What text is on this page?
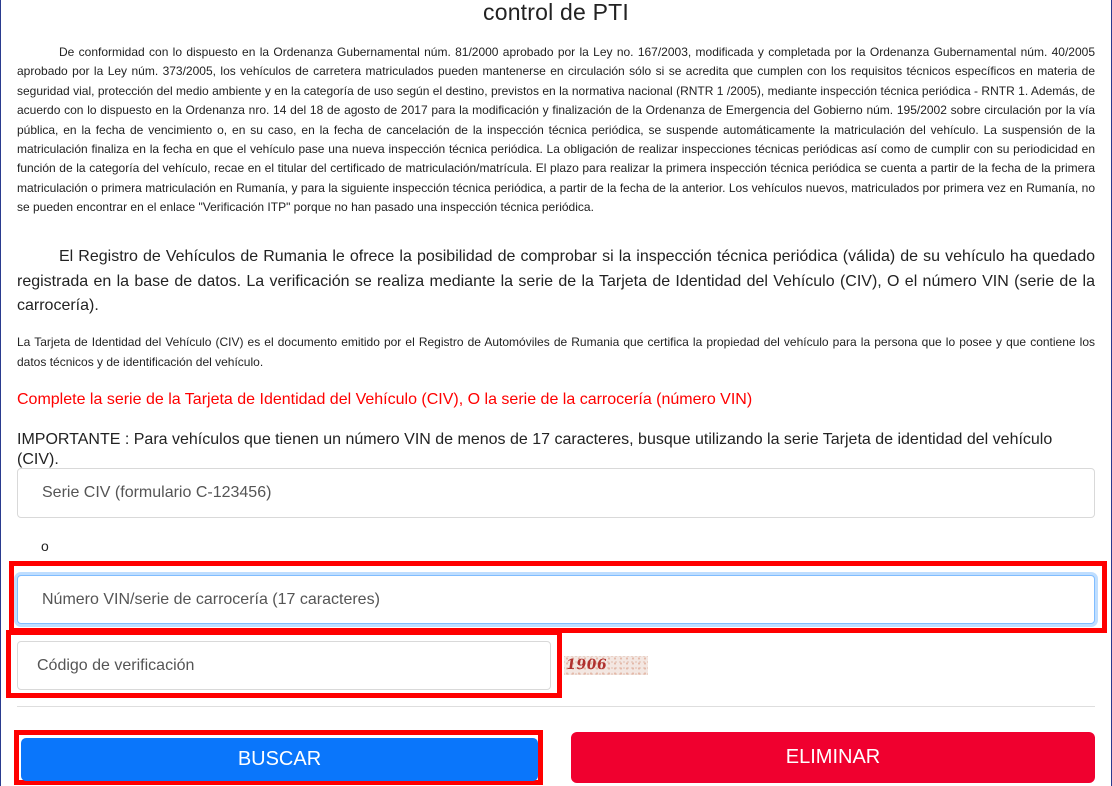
control de PTI

De conformidad con lo dispuesto en la Ordenanza Gubernamental núm. 81/2000 aprobado por la Ley no. 167/2003, modificada y completada por la Ordenanza Gubernamental núm. 40/2005 aprobado por la Ley núm. 373/2005, los vehículos de carretera matriculados pueden mantenerse en circulación sólo si se acredita que cumplen con los requisitos técnicos específicos en materia de seguridad vial, protección del medio ambiente y en la categoría de uso según el destino, previstos en la normativa nacional (RNTR 1 /2005), mediante inspección técnica periódica - RNTR 1. Además, de acuerdo con lo dispuesto en la Ordenanza nro. 14 del 18 de agosto de 2017 para la modificación y finalización de la Ordenanza de Emergencia del Gobierno núm. 195/2002 sobre circulación por la vía pública, en la fecha de vencimiento o, en su caso, en la fecha de cancelación de la inspección técnica periódica, se suspende automáticamente la matriculación del vehículo. La suspensión de la matriculación finaliza en la fecha en que el vehículo pase una nueva inspección técnica periódica. La obligación de realizar inspecciones técnicas periódicas así como de cumplir con su periodicidad en función de la categoría del vehículo, recae en el titular del certificado de matriculación/matrícula. El plazo para realizar la primera inspección técnica periódica se cuenta a partir de la fecha de la primera matriculación o primera matriculación en Rumanía, y para la siguiente inspección técnica periódica, a partir de la fecha de la anterior. Los vehículos nuevos, matriculados por primera vez en Rumanía, no se pueden encontrar en el enlace "Verificación ITP" porque no han pasado una inspección técnica periódica.

El Registro de Vehículos de Rumania le ofrece la posibilidad de comprobar si la inspección técnica periódica (válida) de su vehículo ha quedado registrada en la base de datos. La verificación se realiza mediante la serie de la Tarjeta de Identidad del Vehículo (CIV), O el número VIN (serie de la carrocería).

La Tarjeta de Identidad del Vehículo (CIV) es el documento emitido por el Registro de Automóviles de Rumania que certifica la propiedad del vehículo para la persona que lo posee y que contiene los datos técnicos y de identificación del vehículo.

Complete la serie de la Tarjeta de Identidad del Vehículo (CIV), O la serie de la carrocería (número VIN)

IMPORTANTE : Para vehículos que tienen un número VIN de menos de 17 caracteres, busque utilizando la serie Tarjeta de identidad del vehículo (CIV).

Serie CIV (formulario C-123456)
o
Número VIN/serie de carrocería (17 caracteres)
Código de verificación
1906
BUSCAR	ELIMINAR
